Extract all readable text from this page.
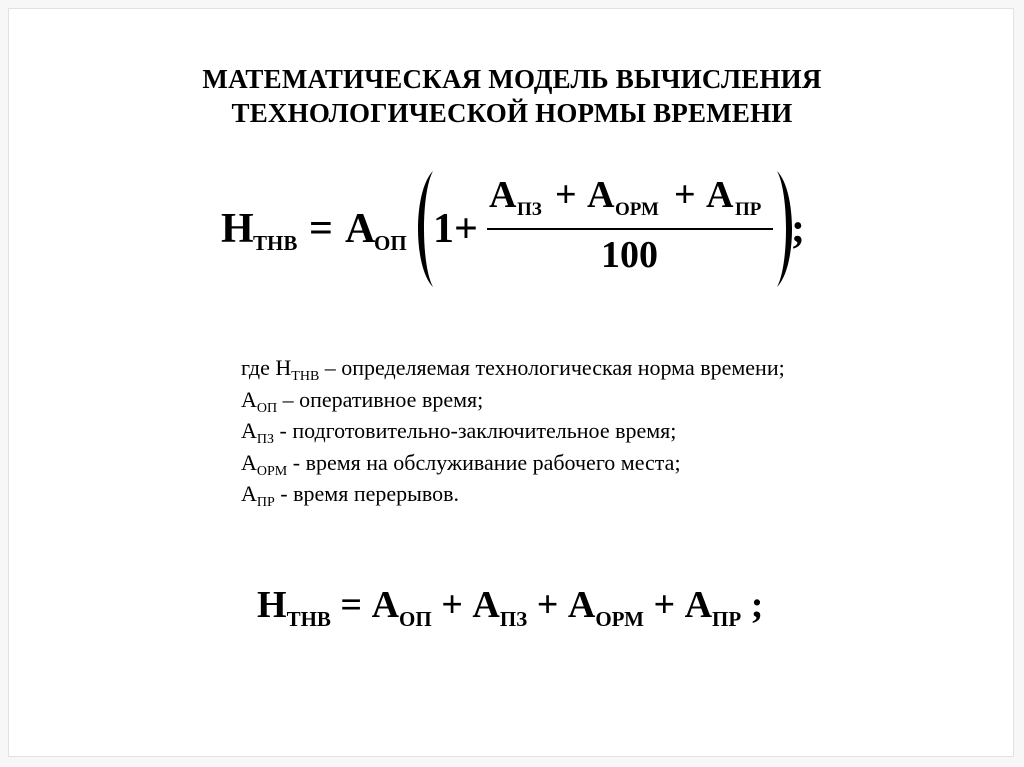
МАТЕМАТИЧЕСКАЯ МОДЕЛЬ ВЫЧИСЛЕНИЯ
ТЕХНОЛОГИЧЕСКОЙ НОРМЫ ВРЕМЕНИ
Н ТНВ = А
ОП 1+
А ПЗ + А ОРМ + А ПР
100
;
где $Н_{ТНВ}$ – определяемая технологическая норма времени;
$А_{ОП}$ – оперативное время;
$А_{ПЗ}$ - подготовительно-заключительное время;
$А_{ОРМ}$ - время на обслуживание рабочего места;
$А_{ПР}$ - время перерывов.
НТНВ = АОП + АПЗ + АОРМ + АПР ;
